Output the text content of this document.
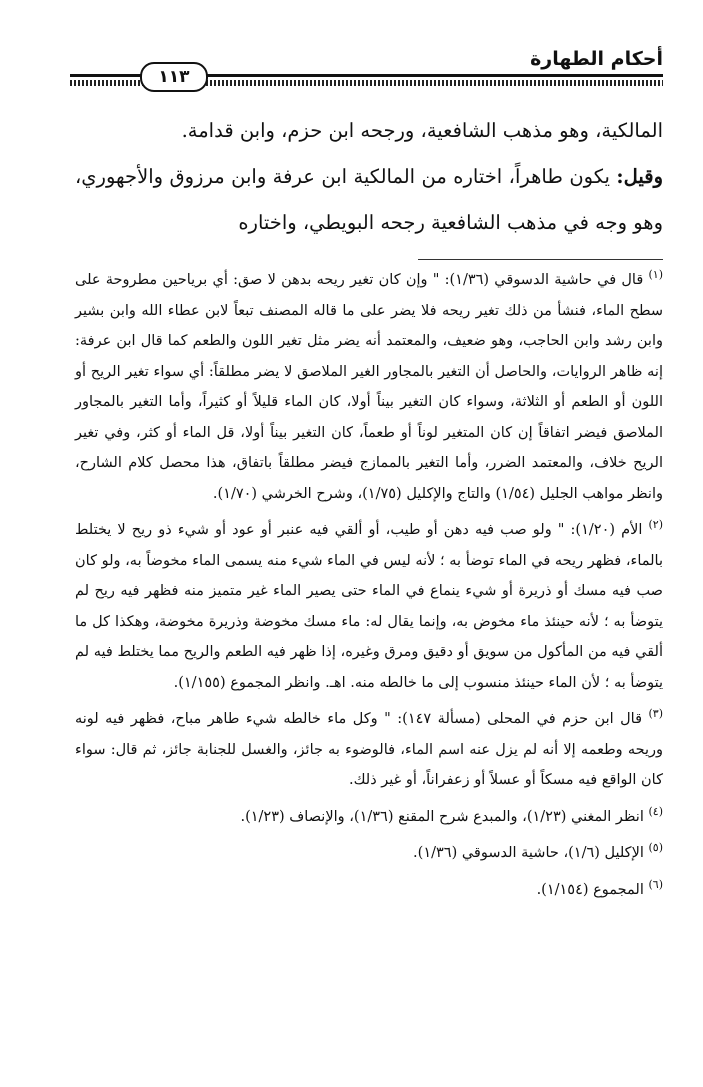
أحكام الطهارة
١١٣

المالكية، وهو مذهب الشافعية، ورجحه ابن حزم، وابن قدامة.

وقيل: يكون طاهراً، اختاره من المالكية ابن عرفة وابن مرزوق والأجهوري، وهو وجه في مذهب الشافعية رجحه البويطي، واختاره

$^{(١)}$ قال في حاشية الدسوقي (١/٣٦): " وإن كان تغير ريحه بدهن لا صق: أي برياحين مطروحة على سطح الماء، فنشأ من ذلك تغير ريحه فلا يضر على ما قاله المصنف تبعاً لابن عطاء الله وابن بشير وابن رشد وابن الحاجب، وهو ضعيف، والمعتمد أنه يضر مثل تغير اللون والطعم كما قال ابن عرفة: إنه ظاهر الروايات، والحاصل أن التغير بالمجاور الغير الملاصق لا يضر مطلقاً: أي سواء تغير الريح أو اللون أو الطعم أو الثلاثة، وسواء كان التغير بيناً أولا، كان الماء قليلاً أو كثيراً، وأما التغير بالمجاور الملاصق فيضر اتفاقاً إن كان المتغير لوناً أو طعماً، كان التغير بيناً أولا، قل الماء أو كثر، وفي تغير الريح خلاف، والمعتمد الضرر، وأما التغير بالممازج فيضر مطلقاً باتفاق، هذا محصل كلام الشارح، وانظر مواهب الجليل (١/٥٤) والتاج والإكليل (١/٧٥)، وشرح الخرشي (١/٧٠).

$^{(٢)}$ الأم (١/٢٠): " ولو صب فيه دهن أو طيب، أو ألقي فيه عنبر أو عود أو شيء ذو ريح لا يختلط بالماء، فظهر ريحه في الماء توضأ به ؛ لأنه ليس في الماء شيء منه يسمى الماء مخوضاً به، ولو كان صب فيه مسك أو ذريرة أو شيء ينماع في الماء حتى يصير الماء غير متميز منه فظهر فيه ريح لم يتوضأ به ؛ لأنه حينئذ ماء مخوض به، وإنما يقال له: ماء مسك مخوضة وذريرة مخوضة، وهكذا كل ما ألقي فيه من المأكول من سويق أو دقيق ومرق وغيره، إذا ظهر فيه الطعم والريح مما يختلط فيه لم يتوضأ به ؛ لأن الماء حينئذ منسوب إلى ما خالطه منه. اهـ. وانظر المجموع (١/١٥٥).

$^{(٣)}$ قال ابن حزم في المحلى (مسألة ١٤٧): " وكل ماء خالطه شيء طاهر مباح، فظهر فيه لونه وريحه وطعمه إلا أنه لم يزل عنه اسم الماء، فالوضوء به جائز، والغسل للجنابة جائز، ثم قال: سواء كان الواقع فيه مسكاً أو عسلاً أو زعفراناً، أو غير ذلك.

$^{(٤)}$ انظر المغني (١/٢٣)، والمبدع شرح المقنع (١/٣٦)، والإنصاف (١/٢٣).

$^{(٥)}$ الإكليل (١/٦)، حاشية الدسوقي (١/٣٦).

$^{(٦)}$ المجموع (١/١٥٤).
